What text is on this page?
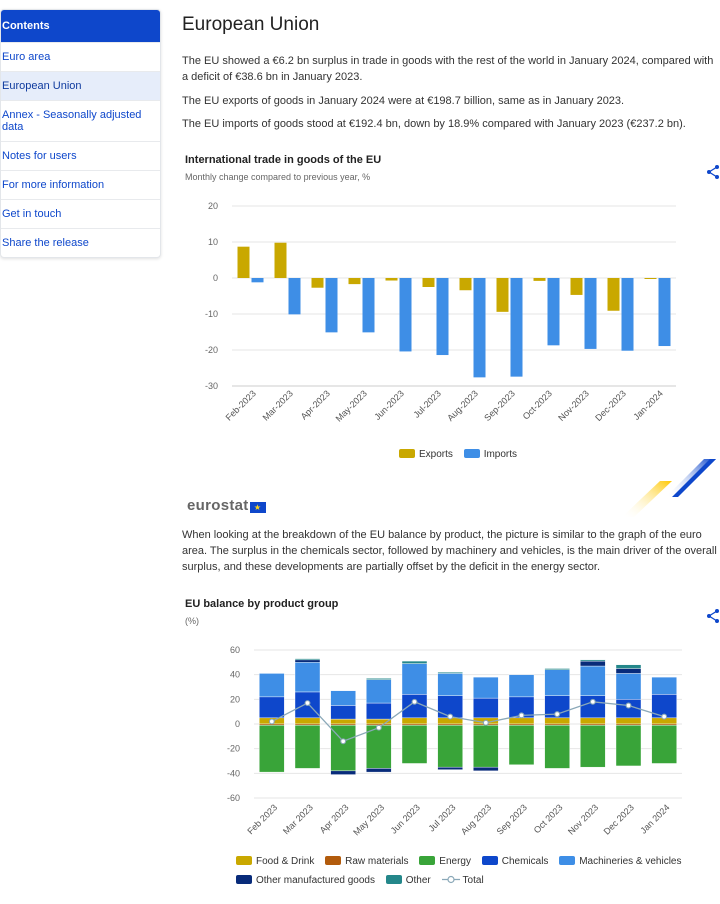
Contents
Euro area
European Union
Annex - Seasonally adjusted data
Notes for users
For more information
Get in touch
Share the release
European Union

The EU showed a €6.2 bn surplus in trade in goods with the rest of the world in January 2024, compared with a deficit of €38.6 bn in January 2023.

The EU exports of goods in January 2024 were at €198.7 billion, same as in January 2023.

The EU imports of goods stood at €192.4 bn, down by 18.9% compared with January 2023 (€237.2 bn).

When looking at the breakdown of the EU balance by product, the picture is similar to the graph of the euro area. The surplus in the chemicals sector, followed by machinery and vehicles, is the main driver of the overall surplus, and these developments are partially offset by the deficit in the energy sector.

International trade in goods of the EU
Monthly change compared to previous year, %
20
10
0
-10
-20
-30
Feb-2023 Mar-2023 Apr-2023 May-2023 Jun-2023 Jul-2023 Aug-2023 Sep-2023 Oct-2023 Nov-2023 Dec-2023 Jan-2024
Exports	Imports
eurostat ★
EU balance by product group
(%)
60
40
20
0
-20
-40
-60
Feb 2023 Mar 2023 Apr 2023 May 2023 Jun 2023 Jul 2023 Aug 2023 Sep 2023 Oct 2023 Nov 2023 Dec 2023 Jan 2024
Food & Drink	Raw materials	Energy	Chemicals	Machineries & vehicles
Other manufactured goods	Other	Total
